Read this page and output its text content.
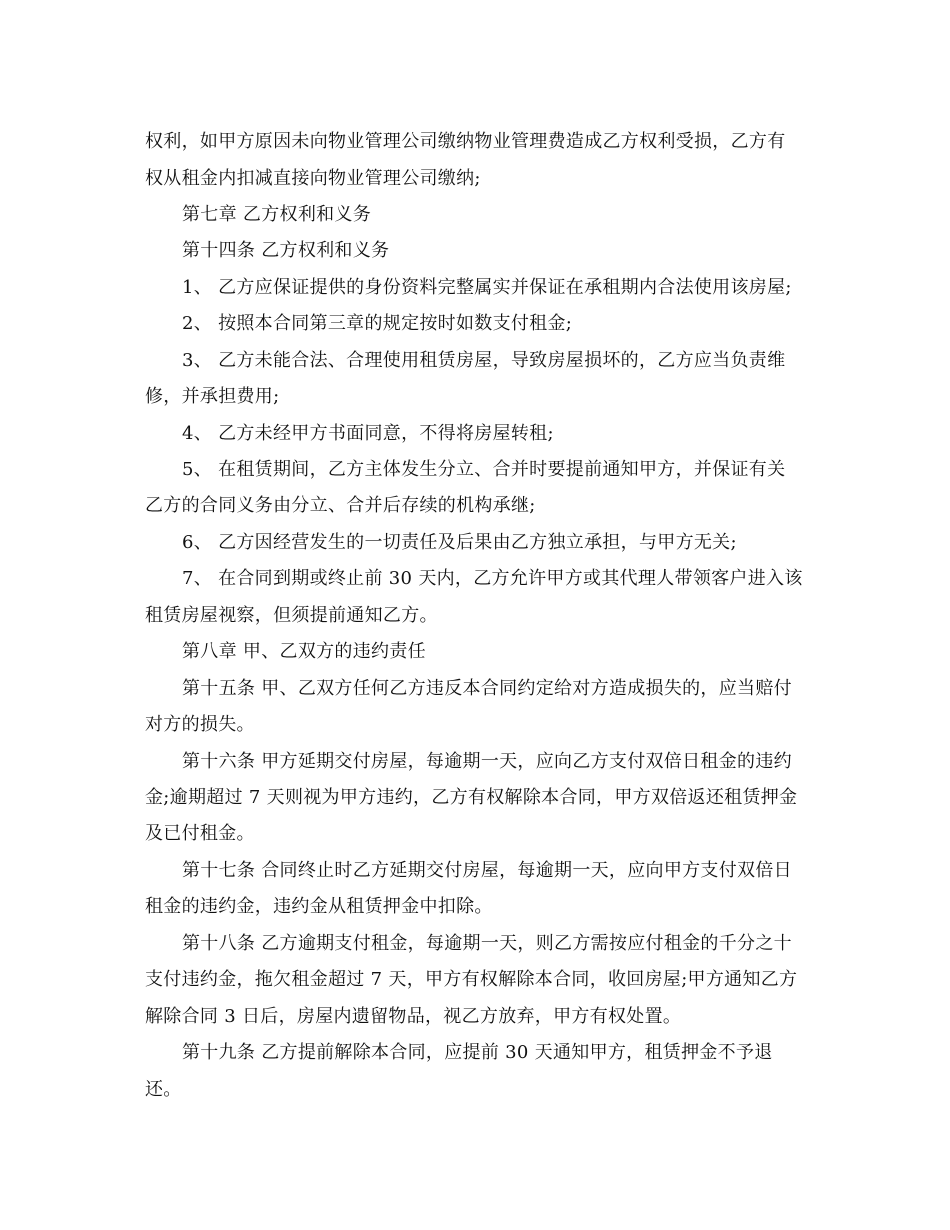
权利，如甲方原因未向物业管理公司缴纳物业管理费造成乙方权利受损，乙方有
权从租金内扣减直接向物业管理公司缴纳;
第七章 乙方权利和义务
第十四条 乙方权利和义务
1、 乙方应保证提供的身份资料完整属实并保证在承租期内合法使用该房屋;
2、 按照本合同第三章的规定按时如数支付租金;
3、 乙方未能合法、合理使用租赁房屋，导致房屋损坏的，乙方应当负责维
修，并承担费用;
4、 乙方未经甲方书面同意，不得将房屋转租;
5、 在租赁期间，乙方主体发生分立、合并时要提前通知甲方，并保证有关
乙方的合同义务由分立、合并后存续的机构承继;
6、 乙方因经营发生的一切责任及后果由乙方独立承担，与甲方无关;
7、 在合同到期或终止前 30 天内，乙方允许甲方或其代理人带领客户进入该
租赁房屋视察，但须提前通知乙方。
第八章 甲、乙双方的违约责任
第十五条 甲、乙双方任何乙方违反本合同约定给对方造成损失的，应当赔付
对方的损失。
第十六条 甲方延期交付房屋，每逾期一天，应向乙方支付双倍日租金的违约
金;逾期超过 7 天则视为甲方违约，乙方有权解除本合同，甲方双倍返还租赁押金
及已付租金。
第十七条 合同终止时乙方延期交付房屋，每逾期一天，应向甲方支付双倍日
租金的违约金，违约金从租赁押金中扣除。
第十八条 乙方逾期支付租金，每逾期一天，则乙方需按应付租金的千分之十
支付违约金，拖欠租金超过 7 天，甲方有权解除本合同，收回房屋;甲方通知乙方
解除合同 3 日后，房屋内遗留物品，视乙方放弃，甲方有权处置。
第十九条 乙方提前解除本合同，应提前 30 天通知甲方，租赁押金不予退
还。
